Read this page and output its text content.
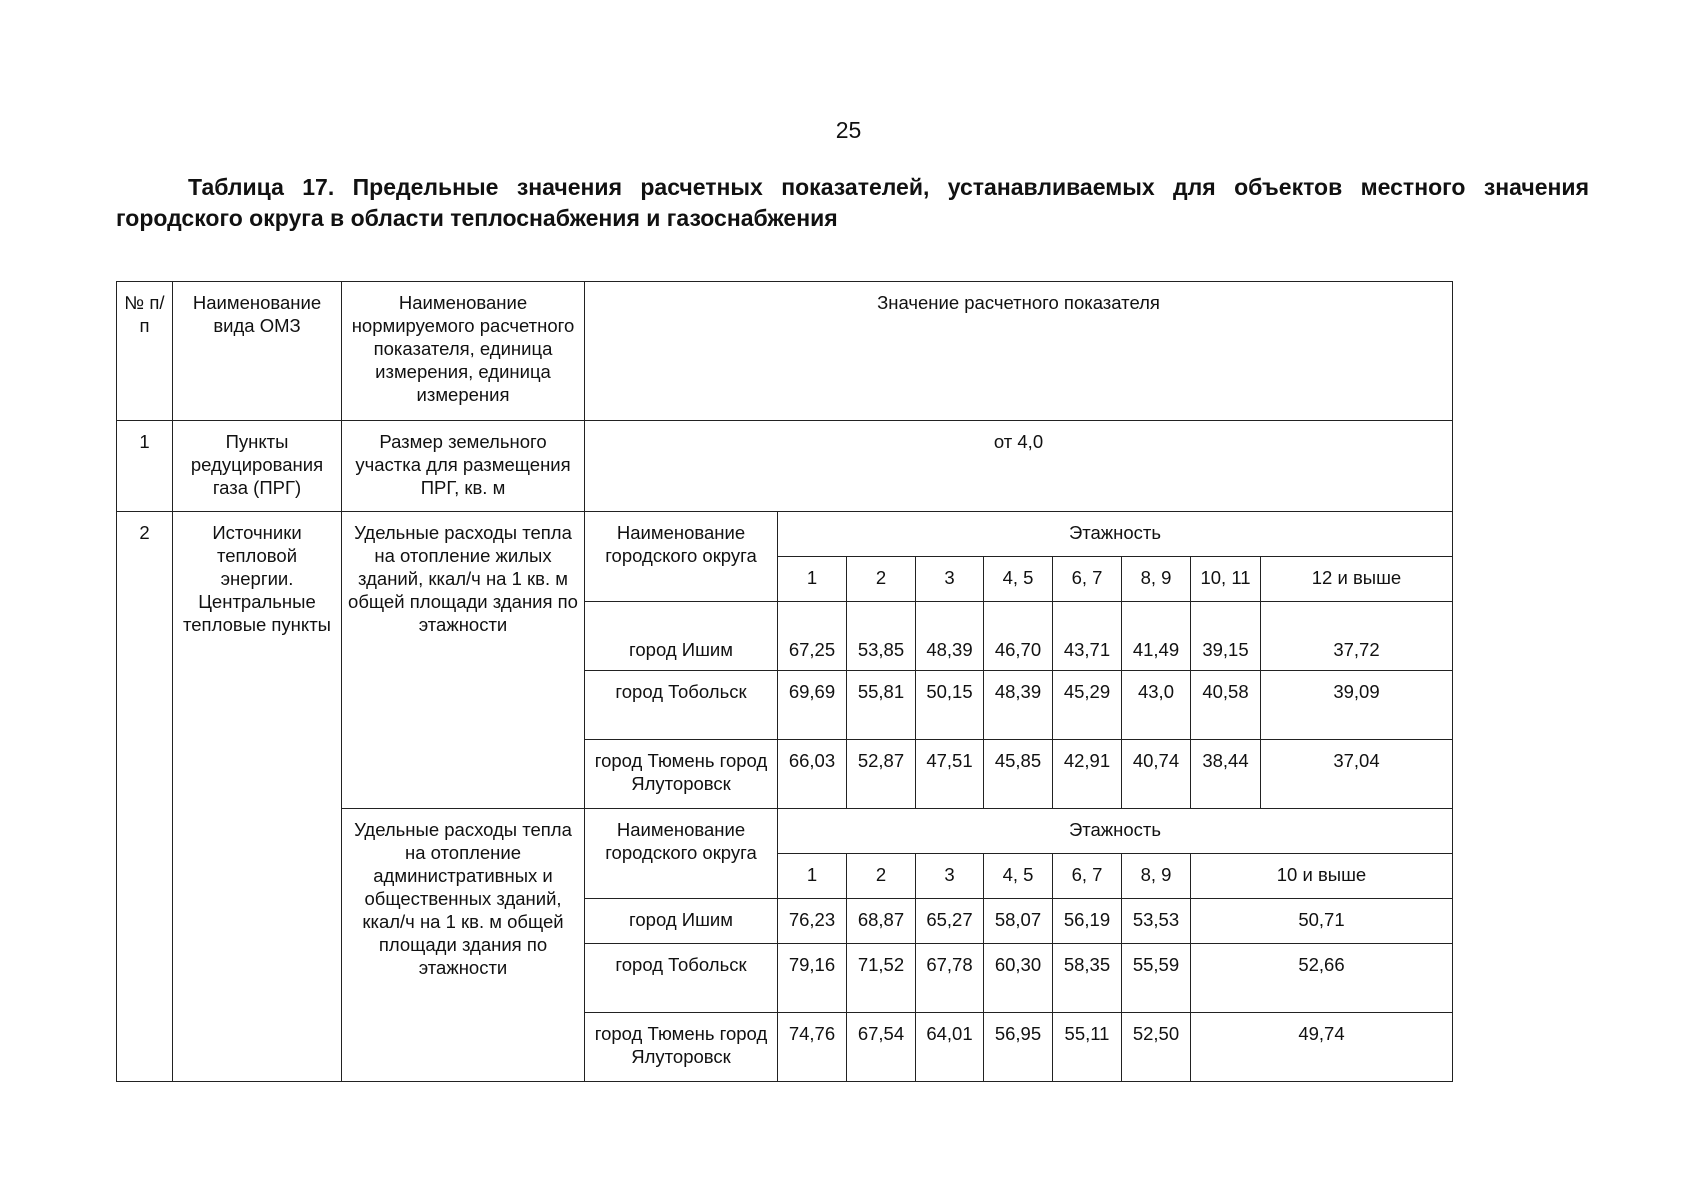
25
Таблица 17. Предельные значения расчетных показателей, устанавливаемых для объектов местного значения городского округа в области теплоснабжения и газоснабжения
№ п/п	Наименование вида ОМЗ	Наименование нормируемого расчетного показателя, единица измерения, единица измерения	Значение расчетного показателя								
1	Пункты редуцирования газа (ПРГ)	Размер земельного участка для размещения ПРГ, кв. м	от 4,0								
2	Источники тепловой энергии. Центральные тепловые пункты	Удельные расходы тепла на отопление жилых зданий, ккал/ч на 1 кв. м общей площади здания по этажности	Наименование городского округа	Этажность							
				1	2	3	4, 5	6, 7	8, 9	10, 11	12 и выше
			город Ишим	67,25	53,85	48,39	46,70	43,71	41,49	39,15	37,72
			город Тобольск	69,69	55,81	50,15	48,39	45,29	43,0	40,58	39,09
			город Тюмень город Ялуторовск	66,03	52,87	47,51	45,85	42,91	40,74	38,44	37,04
		Удельные расходы тепла на отопление административных и общественных зданий, ккал/ч на 1 кв. м общей площади здания по этажности	Наименование городского округа	Этажность							
				1	2	3	4, 5	6, 7	8, 9	10 и выше	
			город Ишим	76,23	68,87	65,27	58,07	56,19	53,53	50,71	
			город Тобольск	79,16	71,52	67,78	60,30	58,35	55,59	52,66	
			город Тюмень город Ялуторовск	74,76	67,54	64,01	56,95	55,11	52,50	49,74	
